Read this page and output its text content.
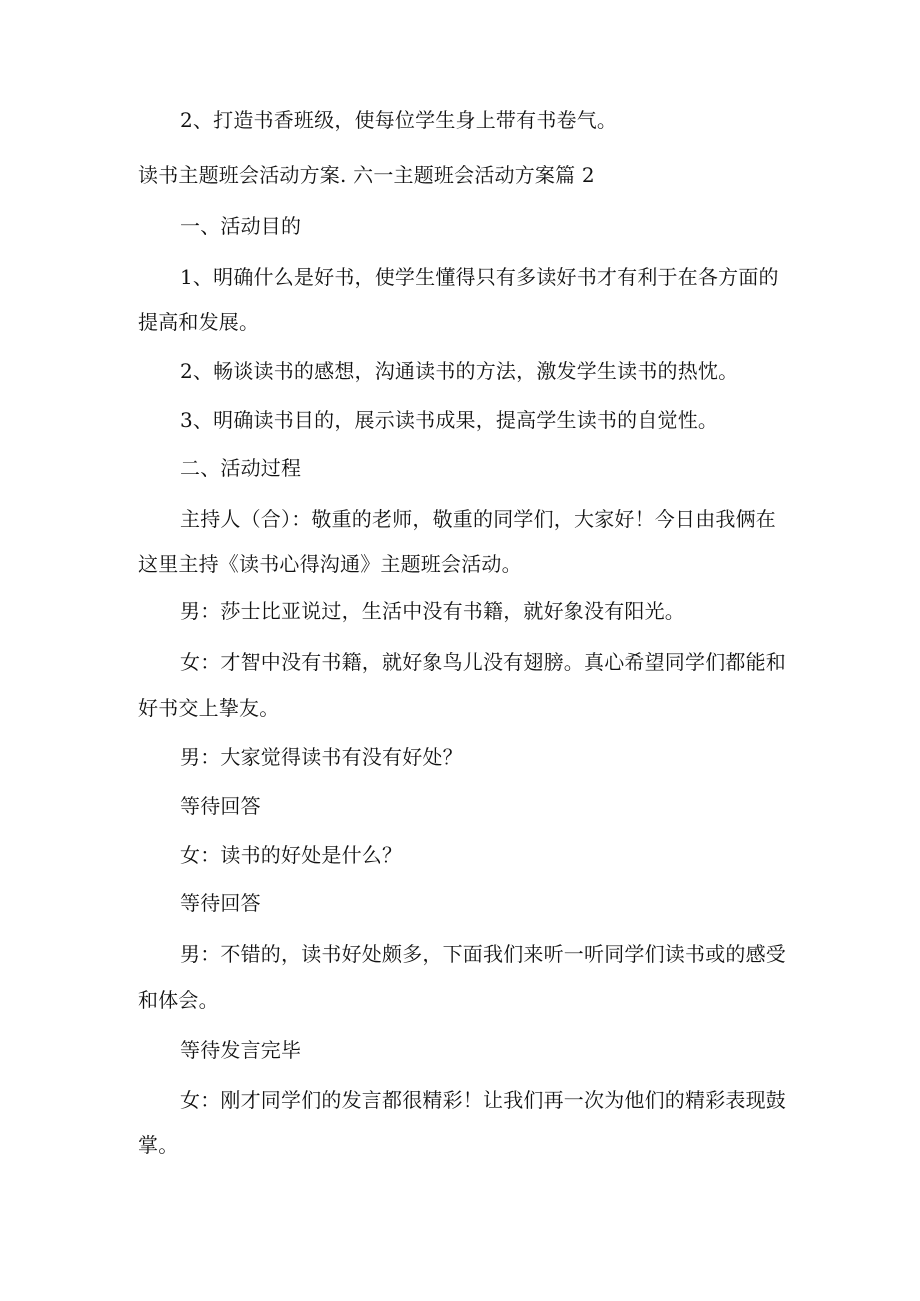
2、打造书香班级，使每位学生身上带有书卷气。
读书主题班会活动方案. 六一主题班会活动方案篇 2
一、活动目的
1、明确什么是好书，使学生懂得只有多读好书才有利于在各方面的
提高和发展。
2、畅谈读书的感想，沟通读书的方法，激发学生读书的热忱。
3、明确读书目的，展示读书成果，提高学生读书的自觉性。
二、活动过程
主持人（合）：敬重的老师，敬重的同学们，大家好！今日由我俩在
这里主持《读书心得沟通》主题班会活动。
男：莎士比亚说过，生活中没有书籍，就好象没有阳光。
女：才智中没有书籍，就好象鸟儿没有翅膀。真心希望同学们都能和
好书交上挚友。
男：大家觉得读书有没有好处？
等待回答
女：读书的好处是什么？
等待回答
男：不错的，读书好处颇多，下面我们来听一听同学们读书或的感受
和体会。
等待发言完毕
女：刚才同学们的发言都很精彩！让我们再一次为他们的精彩表现鼓
掌。
